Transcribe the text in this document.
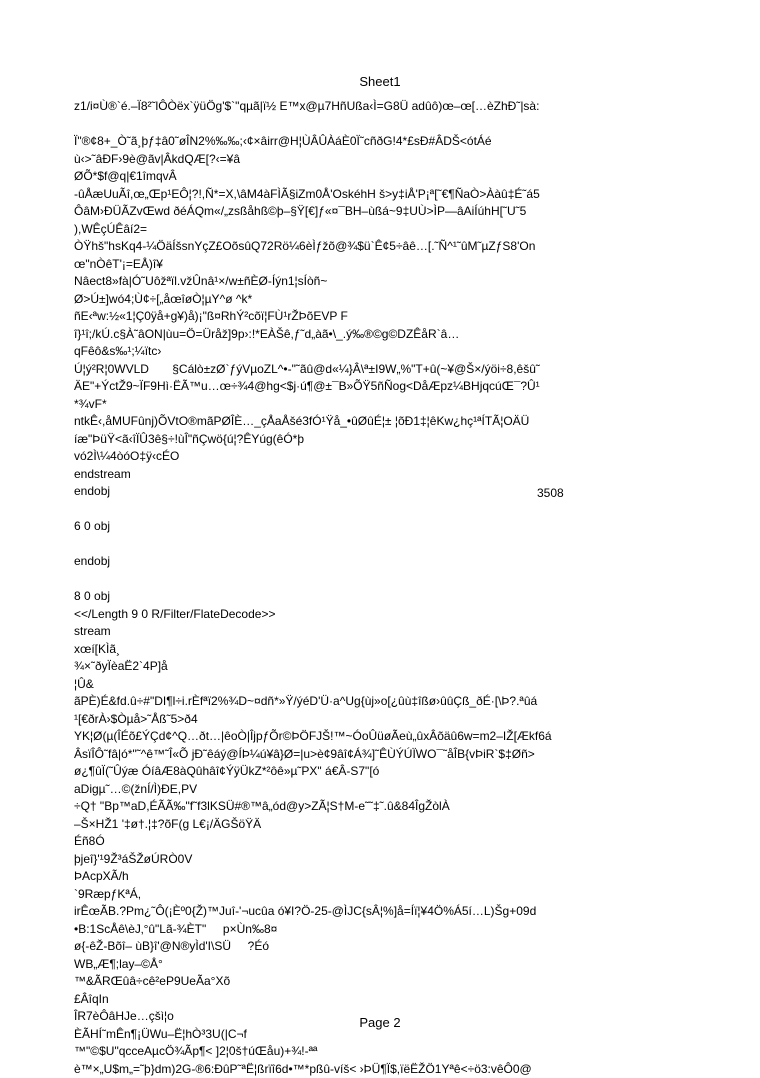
Sheet1
z1/i¤Ù®`é.–Ï8²˜lÔÒëx`ÿüÖg'$`"qµã|ï½ E™x@µ7HñUßa‹Ì=G8Ü adûô)œ–œ[…èZhÐ˜|sà:
Ï"®¢8+_Ò˜ã¸þƒ‡â0˜øÎN2%‰‰;‹¢×âirr@H¦ÙÂÛÀáÈ0Ï˜cñðG!4*£sÐ#ÂDŠ<ótÁé
ù‹>˜âÐF›9è@ãv|ÂkdQÆ[?‹=¥â
ØÕ*$f@q|€1îmqvÂ
-ûÅæUuÃî,œ„Œp¹EÔ¦?!,Ñ*=X,\âM4àFÌÃ§iZm0Å'OskéhH š>y‡iÅ'P¡ª[˜€¶ÑaÒ>Ààû‡É˜á5
ÔâM›ÐÜÃZvŒwd ðéÁQm«/„zsßåhß©þ–§Ÿ[€]ƒ«¤¯BH–ùßá~9‡UÙ>ÌP—âAiÍúhH[˜U˜5
),WÊçÚÊâí2=
ÒŸhš"hsKq4-¼ÖäÍšsnYçZ£OõsûQ72Rö¼6èÌƒžõ@¾$ü`Ê¢5÷âê…[.˜Ñ^¹˜ûM˜µZƒS8'On
œ"nÒêT'¡=EÅ)î¥
Nâect8»fà|Ó˜Uôžªïl.vžÛnâ¹×/w±ñÈØ-Íýn1¦sÍòñ~
Ø>Ú±]wó4;Ù¢÷[„åœîøÒ¦µY^ø ^k*
ñE‹ªw:½«1¦Ç0ÿå+g¥)å)¡"ß¤RhÝ²cõï¦FÙ¹rŽÞõEVP F
î}¹î;/kÚ.c§À˜âON|ùu=Ö=Üråž]9p›:!*EÀŠê,ƒ˜d„àã•\_.ý‰®©g©DZÊåR`â…
qFêô&s‰¹;¼ïtc›
Ú¦ý²R¦0WVLD       §Cálò±zØ`ƒýVµoZL^•-"˜ãû@d«¼}Â\ª±I9W„%"T+û(~¥@Š×/ýöi÷8,êšû˜
ÄE"+ÝctŽ9~ÏF9Hì·ËÃ™u…œ÷¾4@hg<$j·ú¶@±¯B»ÕŸ5ñÑog<DåÆpz¼BHjqcúŒ¯?Û¹
*¾vF*
ntkÊ‹,åMUFûnj)ÕVtO®mãPØÎÈ…_çÅaÅšé3fÓ¹Ÿå_•ûØûÉ¦± ¦õÐ1‡¦êKw¿hç¹ªÍTÃ¦OÄÜ
íæ"ÞüŸ<ã‹îÏÛ3ê§÷!ùÎ"ñÇwö{ú¦?ÊYúg(êÓ*þ
vó2Ì\¼4òóO‡ÿ‹cÉO
endstream
endobj
6 0 obj
endobj
8 0 obj
<</Length 9 0 R/Filter/FlateDecode>>
stream
xœí[KÌã¸
¾×˜ðyÏèaË2`4P]å
¦Û&
ãPÈ)É&fd.û÷#"DI¶l÷i.rÈfªï2%¾D~¤dñ*»Ÿ/ýéD'Ü·a^Ug{ùj»o[¿ûù‡îßø›ûûÇß_ðÉ·[\Þ?.ªûá
¹[€ðrÀ›$Òµå>˜Åß˜5>ð4
YK¦Ø(µ(ÎÉõ£ÝÇd¢^Q…ðt…|êoÒ|ÎjpƒÕr©ÞÖFJŠ!™~ÓoÛüøÃeù„ûxÂõäû6w=m2–IŽ[Ækf6á
ÂsïÎÔ˜fâ|ó*"˜^ê™˜Î«Õ jÐ˜êáý@ÍÞ¼ú¥â}Ø=|u>è¢9âî¢Á¾]˜ÊÙÝÚÏWO¯˜åÎB{vÞiR`$‡Øñ>
ø¿¶ûÏ(˜Ûýæ ÓíâÆ8àQûhâî¢ÝÿÜkZ*²ôê»µ˜PX" á€Â-S7"[ó
aDigµ˜…©(žnÍ/Ì)ÐE,PV
÷Q† "Bp™aD,ÉÃÃ‰"f˜f3lKSÜ#®™â„ód@y>ZÃ¦S†M-e˜˜‡˜.û&84ÎgŽòlÀ
–Š×HŽ1 '‡ø†.¦‡?õF(g L€¡/ÄGŠöŸÄ
Éñ8Ó
þjeî}'¹9Ž³áŠŽøÚRÒ0V
ÞAcpXÃ/h
`9RæpƒKªÁ,
irÊœÃB.?Pm¿˜Ô(¡Èº0{Ž)™Juî-'¬ucûa ó¥I?Ö-25-@ÌJC{sÂ¦%]å=Íï¦¥4Ö%Á5í…L)Šg+09d
•B:1ScÅê\èJ‚°û"Lã-¾ÈT"     p×Ùn‰8¤
ø{-êŽ-Bõî– ùB}î'@N®yÌd'I\SÜ     ?Éó
WB„Æ¶;lay–©Å°
™&ÃRŒûâ÷cê²eP9UeÃa°Xõ
£ÂîqIn
ÎR7èÔâHJe…çšì¦o
ÈÃHÍ˜mÊn¶¡ÜWu–Ë¦hÒ³3U(|C¬f
™"©$U"qcceAµcÖ¾Ãp¶< ]2¦0š†úŒåu)+¾!-ªª
è™×„U$m„=˜þ}dm)2G-®6:ÐûP˜ªË¦ßrïî6d•™*pßû-víš< ›ÞÜ¶Ï$,ïëËŽÖ1Yªê<÷ö3:vêÔ0@
3508
Page 2
